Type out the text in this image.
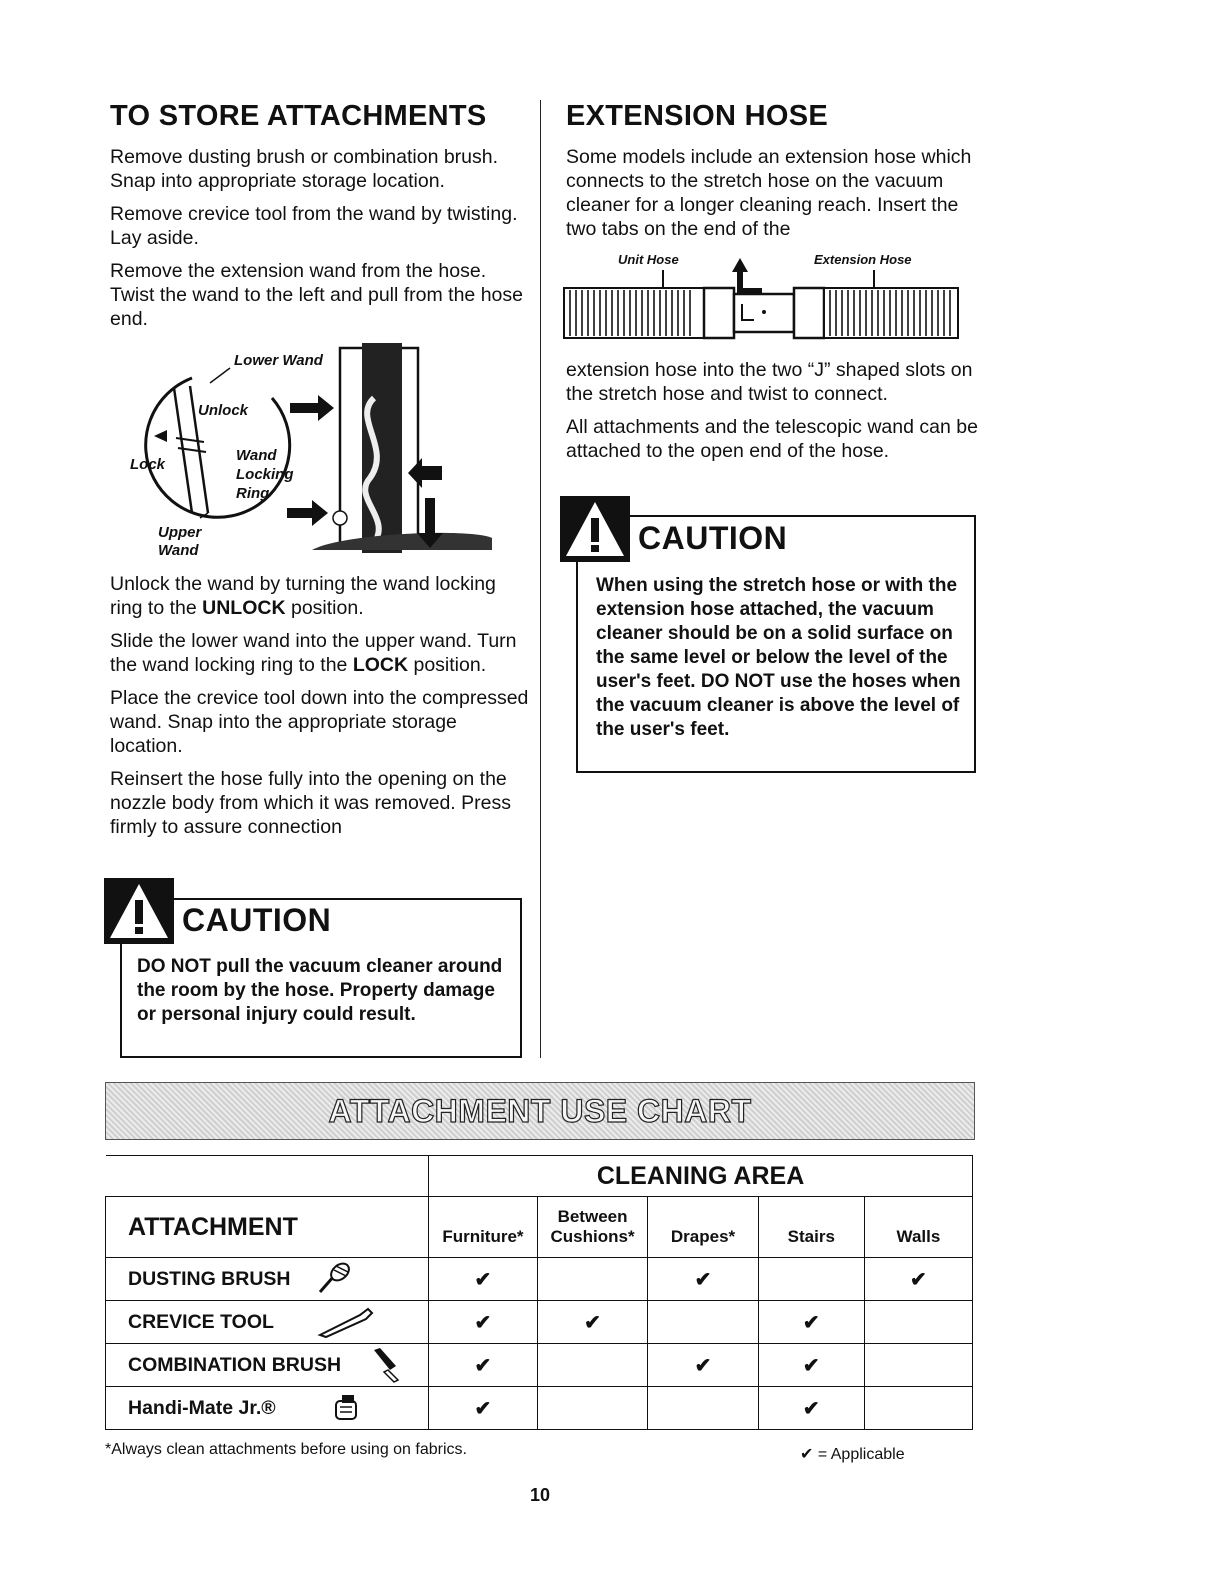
TO STORE ATTACHMENTS

Remove dusting brush or combination brush. Snap into appropriate storage location.

Remove crevice tool from the wand by twisting. Lay aside.

Remove the extension wand from the hose. Twist the wand to the left and pull from the hose end.

Lower Wand
Unlock
Lock
Wand Locking Ring
Upper Wand

Unlock the wand by turning the wand locking ring to the UNLOCK position.

Slide the lower wand into the upper wand. Turn the wand locking ring to the LOCK position.

Place the crevice tool down into the compressed wand. Snap into the appropriate storage location.

Reinsert the hose fully into the opening on the nozzle body from which it was removed. Press firmly to assure connection

CAUTION
DO NOT pull the vacuum cleaner around the room by the hose. Property damage or personal injury could result.
EXTENSION HOSE

Some models include an extension hose which connects to the stretch hose on the vacuum cleaner for a longer cleaning reach. Insert the two tabs on the end of the

Unit Hose	Extension Hose

extension hose into the two “J” shaped slots on the stretch hose and twist to connect.

All attachments and the telescopic wand can be attached to the open end of the hose.

CAUTION
When using the stretch hose or with the extension hose attached, the vacuum cleaner should be on a solid surface on the same level or below the level of the user's feet. DO NOT use the hoses when the vacuum cleaner is above the level of the user's feet.
ATTACHMENT USE CHART
	CLEANING AREA				
ATTACHMENT	Furniture*	Between Cushions*	Drapes*	Stairs	Walls
DUSTING BRUSH	✔		✔		✔
CREVICE TOOL	✔	✔		✔	
COMBINATION BRUSH	✔		✔	✔	
Handi-Mate Jr.®	✔			✔	
*Always clean attachments before using on fabrics.	✔ = Applicable
10
